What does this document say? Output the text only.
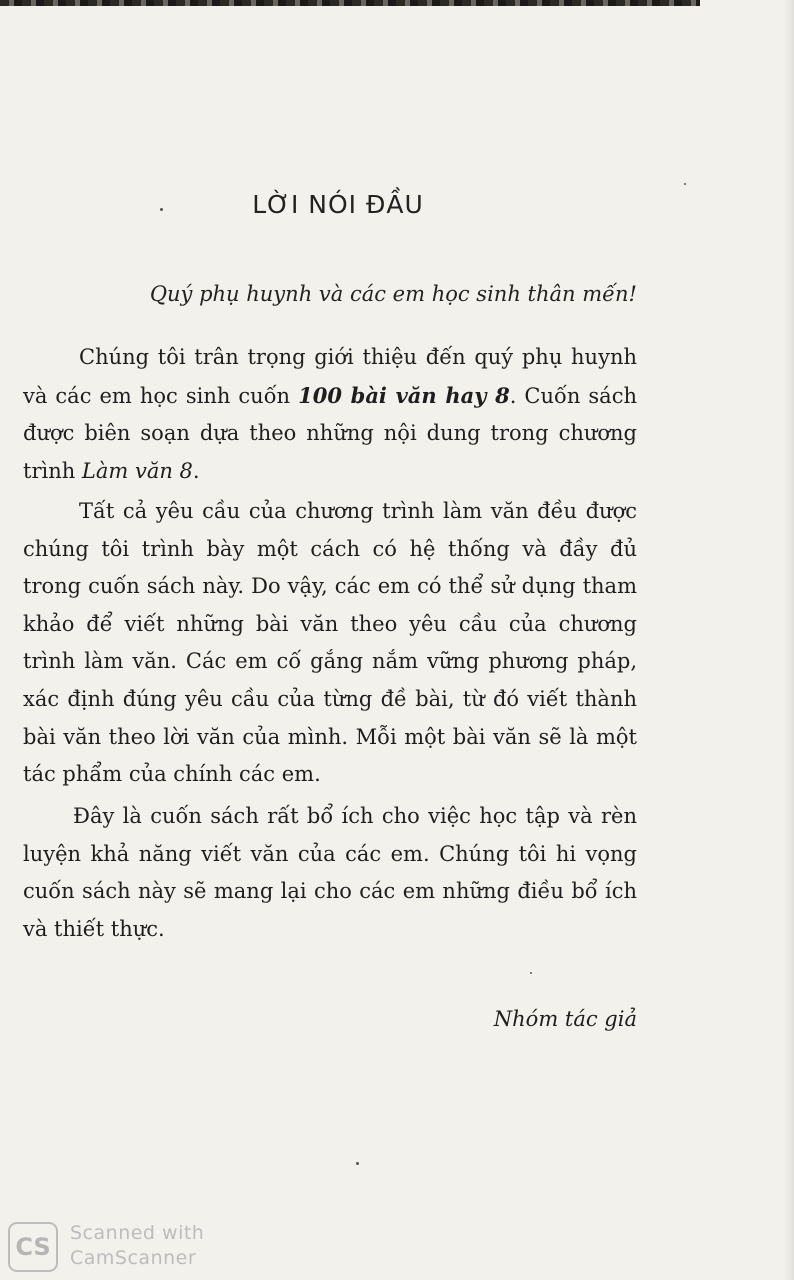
LỜI NÓI ĐẦU
Quý phụ huynh và các em học sinh thân mến!

Chúng tôi trân trọng giới thiệu đến quý phụ huynh và các em học sinh cuốn 100 bài văn hay 8. Cuốn sách được biên soạn dựa theo những nội dung trong chương trình Làm văn 8.

Tất cả yêu cầu của chương trình làm văn đều được chúng tôi trình bày một cách có hệ thống và đầy đủ trong cuốn sách này. Do vậy, các em có thể sử dụng tham khảo để viết những bài văn theo yêu cầu của chương trình làm văn. Các em cố gắng nắm vững phương pháp, xác định đúng yêu cầu của từng đề bài, từ đó viết thành bài văn theo lời văn của mình. Mỗi một bài văn sẽ là một tác phẩm của chính các em.

Đây là cuốn sách rất bổ ích cho việc học tập và rèn luyện khả năng viết văn của các em. Chúng tôi hi vọng cuốn sách này sẽ mang lại cho các em những điều bổ ích và thiết thực.

Nhóm tác giả
CS	Scanned with
CamScanner
